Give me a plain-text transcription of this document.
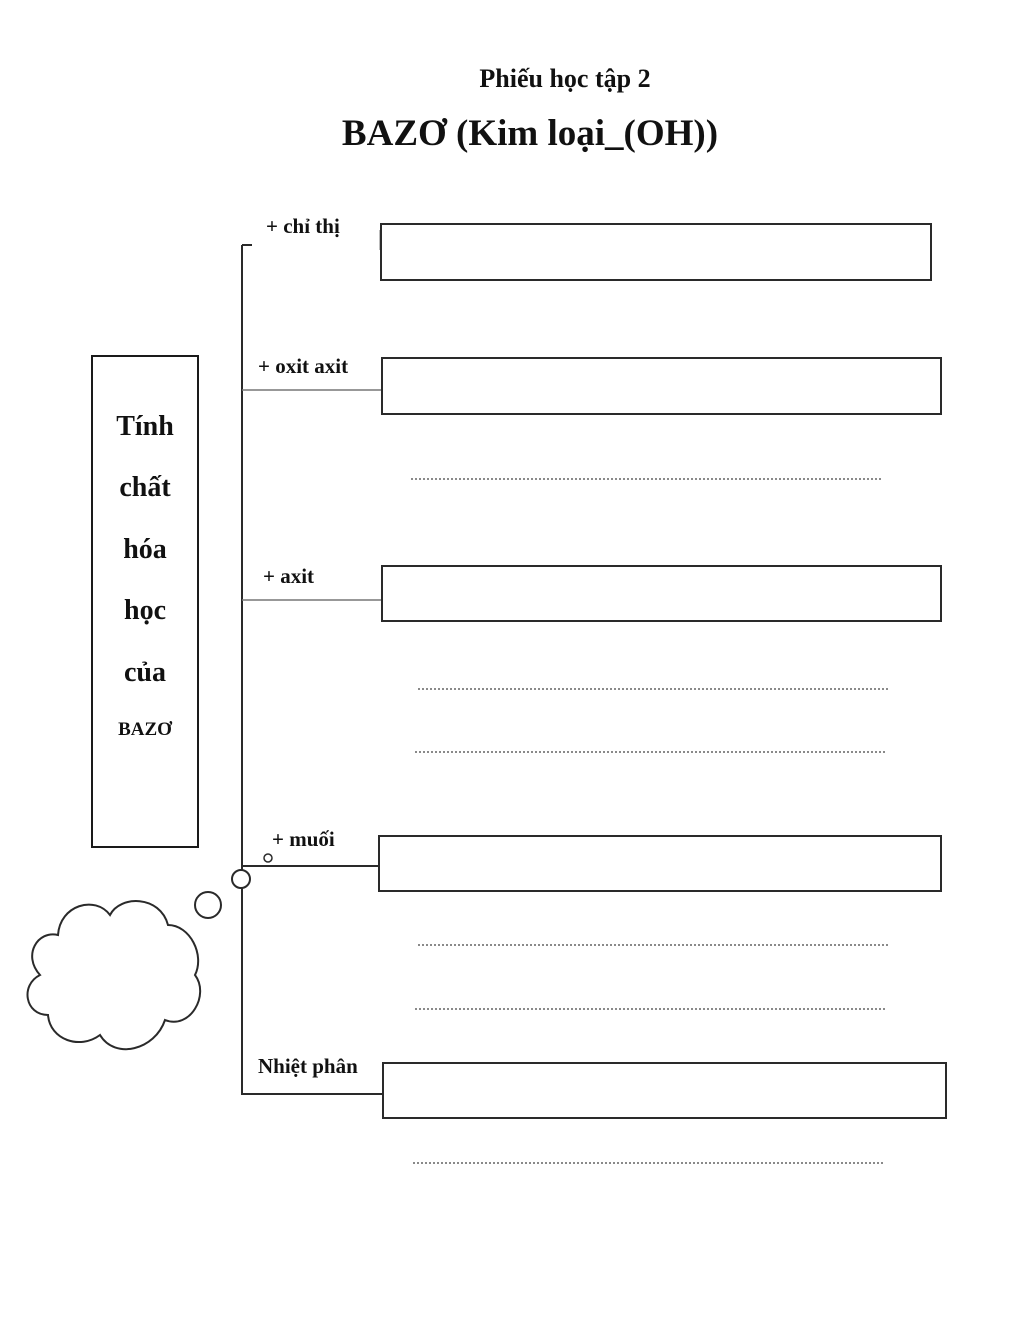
Phiếu học tập 2
BAZƠ (Kim loại_(OH))
Tính
chất
hóa
học
của
BAZƠ
+ chỉ thị
+ oxit axit
+ axit
+ muối
Nhiệt phân
